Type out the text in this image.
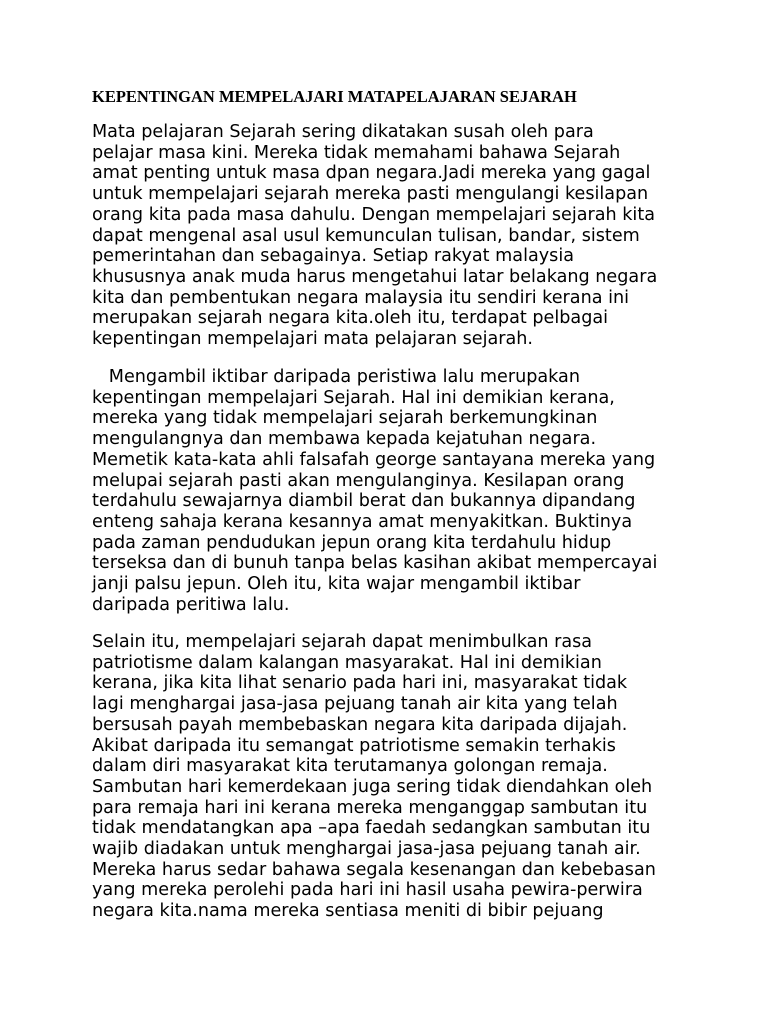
KEPENTINGAN MEMPELAJARI MATAPELAJARAN SEJARAH

Mata pelajaran Sejarah sering dikatakan susah oleh para
pelajar masa kini. Mereka tidak memahami bahawa Sejarah
amat penting untuk masa dpan negara.Jadi mereka yang gagal
untuk mempelajari sejarah mereka pasti mengulangi kesilapan
orang kita pada masa dahulu. Dengan mempelajari sejarah kita
dapat mengenal asal usul kemunculan tulisan, bandar, sistem
pemerintahan dan sebagainya. Setiap rakyat malaysia
khususnya anak muda harus mengetahui latar belakang negara
kita dan pembentukan negara malaysia itu sendiri kerana ini
merupakan sejarah negara kita.oleh itu, terdapat pelbagai
kepentingan mempelajari mata pelajaran sejarah.

Mengambil iktibar daripada peristiwa lalu merupakan
kepentingan mempelajari Sejarah. Hal ini demikian kerana,
mereka yang tidak mempelajari sejarah berkemungkinan
mengulangnya dan membawa kepada kejatuhan negara.
Memetik kata-kata ahli falsafah george santayana mereka yang
melupai sejarah pasti akan mengulanginya. Kesilapan orang
terdahulu sewajarnya diambil berat dan bukannya dipandang
enteng sahaja kerana kesannya amat menyakitkan. Buktinya
pada zaman pendudukan jepun orang kita terdahulu hidup
terseksa dan di bunuh tanpa belas kasihan akibat mempercayai
janji palsu jepun. Oleh itu, kita wajar mengambil iktibar
daripada peritiwa lalu.

Selain itu, mempelajari sejarah dapat menimbulkan rasa
patriotisme dalam kalangan masyarakat. Hal ini demikian
kerana, jika kita lihat senario pada hari ini, masyarakat tidak
lagi menghargai jasa-jasa pejuang tanah air kita yang telah
bersusah payah membebaskan negara kita daripada dijajah.
Akibat daripada itu semangat patriotisme semakin terhakis
dalam diri masyarakat kita terutamanya golongan remaja.
Sambutan hari kemerdekaan juga sering tidak diendahkan oleh
para remaja hari ini kerana mereka menganggap sambutan itu
tidak mendatangkan apa –apa faedah sedangkan sambutan itu
wajib diadakan untuk menghargai jasa-jasa pejuang tanah air.
Mereka harus sedar bahawa segala kesenangan dan kebebasan
yang mereka perolehi pada hari ini hasil usaha pewira-perwira
negara kita.nama mereka sentiasa meniti di bibir pejuang
